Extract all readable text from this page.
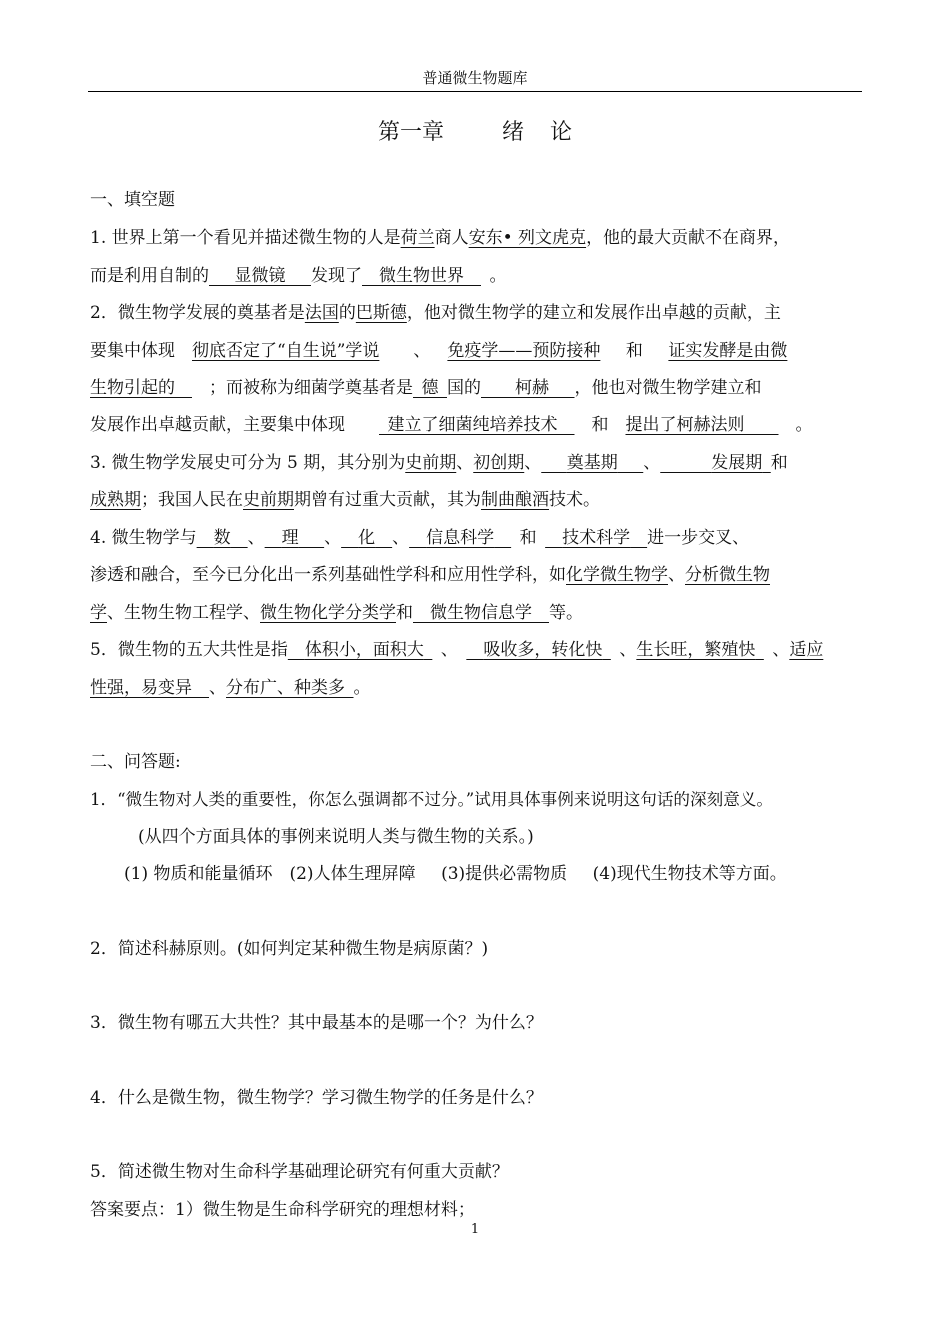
普通微生物题库
第一章	绪 论
一、填空题
1. 世界上第一个看见并描述微生物的人是荷兰商人安东• 列文虎克，他的最大贡献不在商界，
而是利用自制的   显微镜   发现了   微生物世界   。
2．微生物学发展的奠基者是法国的巴斯德，他对微生物学的建立和发展作出卓越的贡献，主
要集中体现  彻底否定了“自生说”学说   、  免疫学——预防接种   和   证实发酵是由微
生物引起的   ；而被称为细菌学奠基者是  德  国的   柯赫   ，他也对微生物学建立和
发展作出卓越贡献，主要集中体现   	建立了细菌纯培养技术   和  提出了柯赫法则   	。
3. 微生物学发展史可分为 5 期，其分别为史前期、初创期、   奠基期   、   	发展期  和
成熟期；我国人民在史前期期曾有过重大贡献，其为制曲酿酒技术。
4. 微生物学与   数   、   理   、   化   、   信息科学    和    技术科学   进一步交叉、
渗透和融合，至今已分化出一系列基础性学科和应用性学科，如化学微生物学、分析微生物
学、生物生物工程学、微生物化学分类学和   微生物信息学   等。
5．微生物的五大共性是指   体积小，面积大   、    吸收多，转化快   、生长旺，繁殖快   、适应
性强，易变异   、分布广、种类多  。
二、问答题:
1．“微生物对人类的重要性，你怎么强调都不过分。”试用具体事例来说明这句话的深刻意义。
(从四个方面具体的事例来说明人类与微生物的关系。)
(1) 物质和能量循环  (2)人体生理屏障   (3)提供必需物质   (4)现代生物技术等方面。
2．简述科赫原则。(如何判定某种微生物是病原菌？)
3．微生物有哪五大共性？其中最基本的是哪一个？为什么？
4．什么是微生物，微生物学？学习微生物学的任务是什么？
5．简述微生物对生命科学基础理论研究有何重大贡献？
答案要点：1）微生物是生命科学研究的理想材料；
1
